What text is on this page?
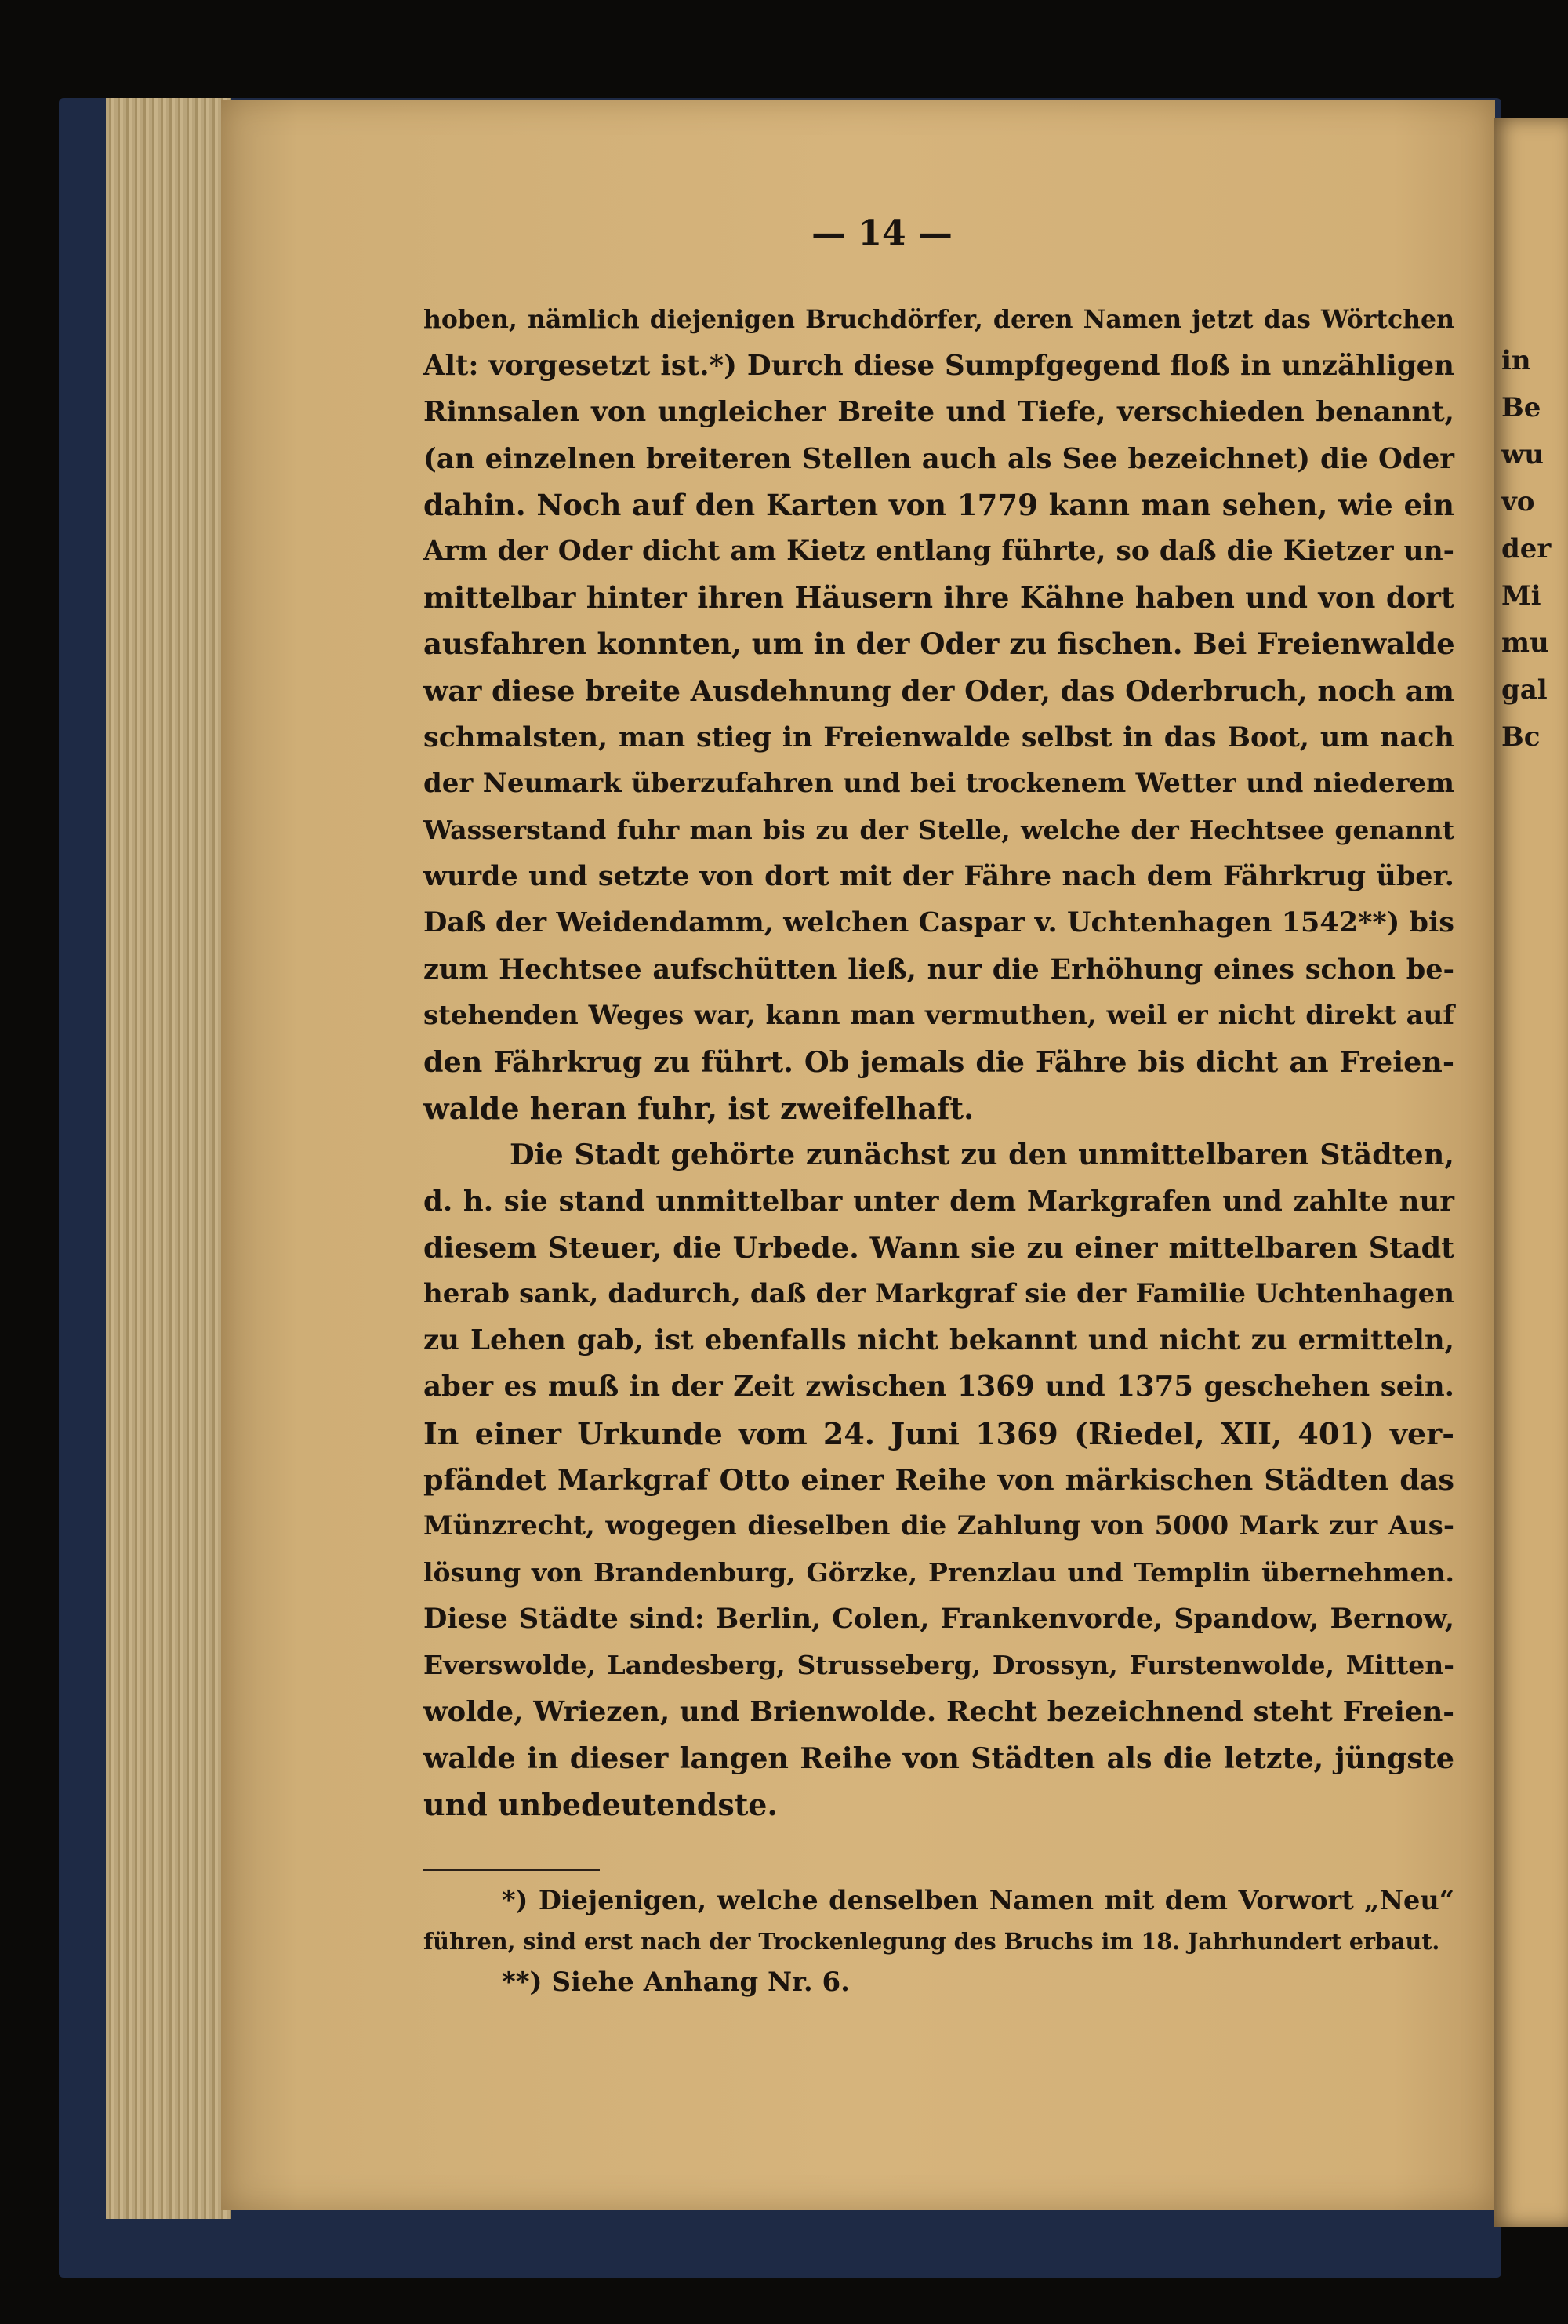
in
Be
wu
vo
der
Mi
mu
gal
Bc
— 14 —
hoben, nämlich diejenigen Bruchdörfer, deren Namen jetzt das Wörtchen
Alt: vorgesetzt ist.*) Durch diese Sumpfgegend floß in unzähligen
Rinnsalen von ungleicher Breite und Tiefe, verschieden benannt,
(an einzelnen breiteren Stellen auch als See bezeichnet) die Oder
dahin. Noch auf den Karten von 1779 kann man sehen, wie ein
Arm der Oder dicht am Kietz entlang führte, so daß die Kietzer un-
mittelbar hinter ihren Häusern ihre Kähne haben und von dort
ausfahren konnten, um in der Oder zu fischen. Bei Freienwalde
war diese breite Ausdehnung der Oder, das Oderbruch, noch am
schmalsten, man stieg in Freienwalde selbst in das Boot, um nach
der Neumark überzufahren und bei trockenem Wetter und niederem
Wasserstand fuhr man bis zu der Stelle, welche der Hechtsee genannt
wurde und setzte von dort mit der Fähre nach dem Fährkrug über.
Daß der Weidendamm, welchen Caspar v. Uchtenhagen 1542**) bis
zum Hechtsee aufschütten ließ, nur die Erhöhung eines schon be-
stehenden Weges war, kann man vermuthen, weil er nicht direkt auf
den Fährkrug zu führt. Ob jemals die Fähre bis dicht an Freien-
walde heran fuhr, ist zweifelhaft.
Die Stadt gehörte zunächst zu den unmittelbaren Städten,
d. h. sie stand unmittelbar unter dem Markgrafen und zahlte nur
diesem Steuer, die Urbede. Wann sie zu einer mittelbaren Stadt
herab sank, dadurch, daß der Markgraf sie der Familie Uchtenhagen
zu Lehen gab, ist ebenfalls nicht bekannt und nicht zu ermitteln,
aber es muß in der Zeit zwischen 1369 und 1375 geschehen sein.
In einer Urkunde vom 24. Juni 1369 (Riedel, XII, 401) ver-
pfändet Markgraf Otto einer Reihe von märkischen Städten das
Münzrecht, wogegen dieselben die Zahlung von 5000 Mark zur Aus-
lösung von Brandenburg, Görzke, Prenzlau und Templin übernehmen.
Diese Städte sind: Berlin, Colen, Frankenvorde, Spandow, Bernow,
Everswolde, Landesberg, Strusseberg, Drossyn, Furstenwolde, Mitten-
wolde, Wriezen, und Brienwolde. Recht bezeichnend steht Freien-
walde in dieser langen Reihe von Städten als die letzte, jüngste
und unbedeutendste.
*) Diejenigen, welche denselben Namen mit dem Vorwort „Neu“
führen, sind erst nach der Trockenlegung des Bruchs im 18. Jahrhundert erbaut.
**) Siehe Anhang Nr. 6.
